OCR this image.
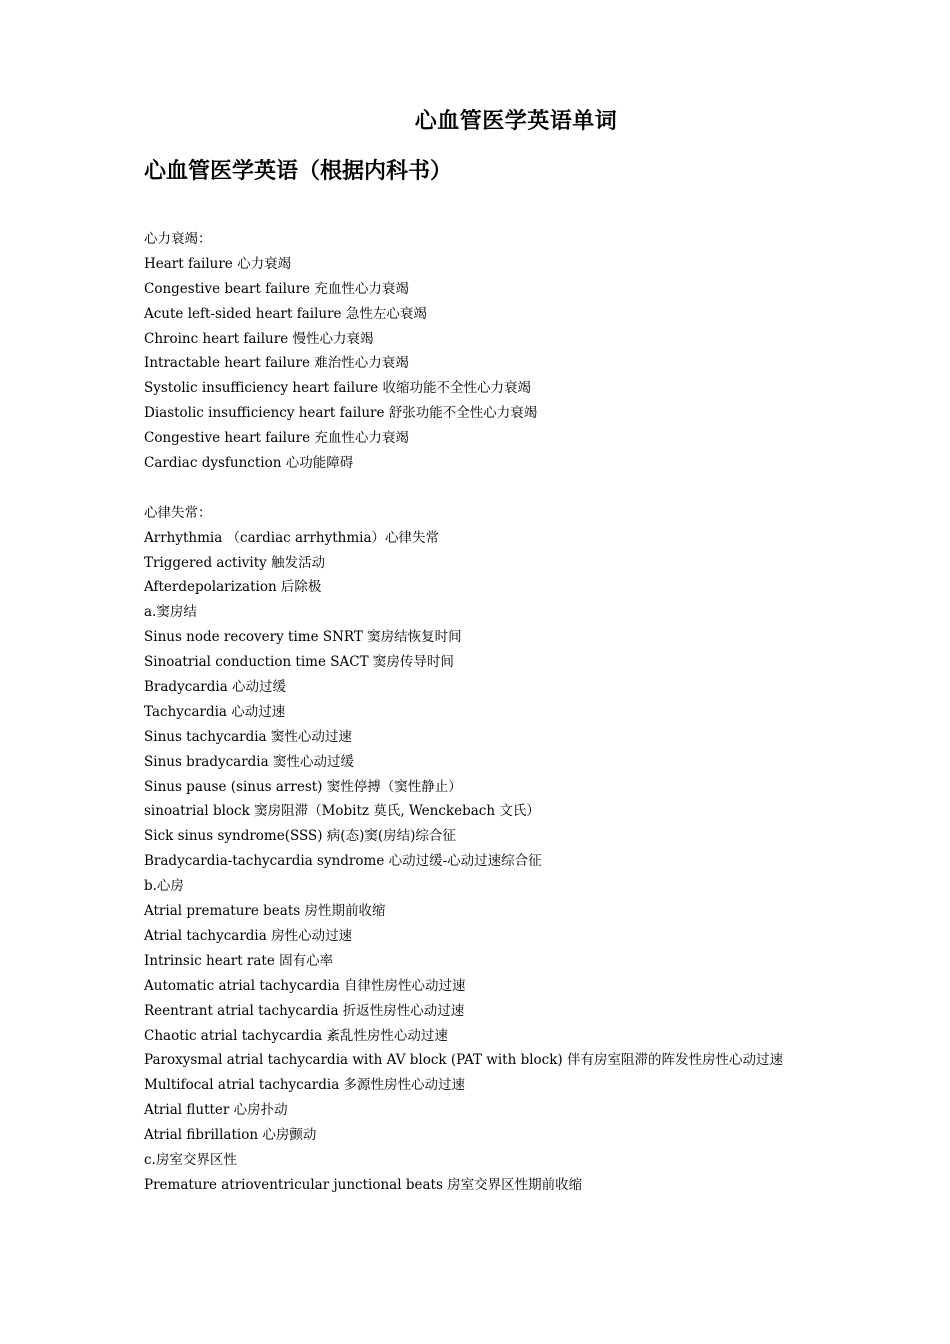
心血管医学英语单词
心血管医学英语（根据内科书）
心力衰竭：
Heart failure 心力衰竭
Congestive beart failure 充血性心力衰竭
Acute left-sided heart failure 急性左心衰竭
Chroinc heart failure 慢性心力衰竭
Intractable heart failure 难治性心力衰竭
Systolic insufficiency heart failure 收缩功能不全性心力衰竭
Diastolic insufficiency heart failure 舒张功能不全性心力衰竭
Congestive heart failure 充血性心力衰竭
Cardiac dysfunction 心功能障碍
心律失常：
Arrhythmia （cardiac arrhythmia）心律失常
Triggered activity 触发活动
Afterdepolarization 后除极
a.窦房结
Sinus node recovery time SNRT 窦房结恢复时间
Sinoatrial conduction time SACT 窦房传导时间
Bradycardia 心动过缓
Tachycardia 心动过速
Sinus tachycardia 窦性心动过速
Sinus bradycardia 窦性心动过缓
Sinus pause (sinus arrest) 窦性停搏（窦性静止）
sinoatrial block 窦房阻滞（Mobitz 莫氏, Wenckebach 文氏）
Sick sinus syndrome(SSS) 病(态)窦(房结)综合征
Bradycardia-tachycardia syndrome 心动过缓-心动过速综合征
b.心房
Atrial premature beats 房性期前收缩
Atrial tachycardia 房性心动过速
Intrinsic heart rate 固有心率
Automatic atrial tachycardia 自律性房性心动过速
Reentrant atrial tachycardia 折返性房性心动过速
Chaotic atrial tachycardia 紊乱性房性心动过速
Paroxysmal atrial tachycardia with AV block (PAT with block) 伴有房室阻滞的阵发性房性心动过速
Multifocal atrial tachycardia 多源性房性心动过速
Atrial flutter 心房扑动
Atrial fibrillation 心房颤动
c.房室交界区性
Premature atrioventricular junctional beats 房室交界区性期前收缩
